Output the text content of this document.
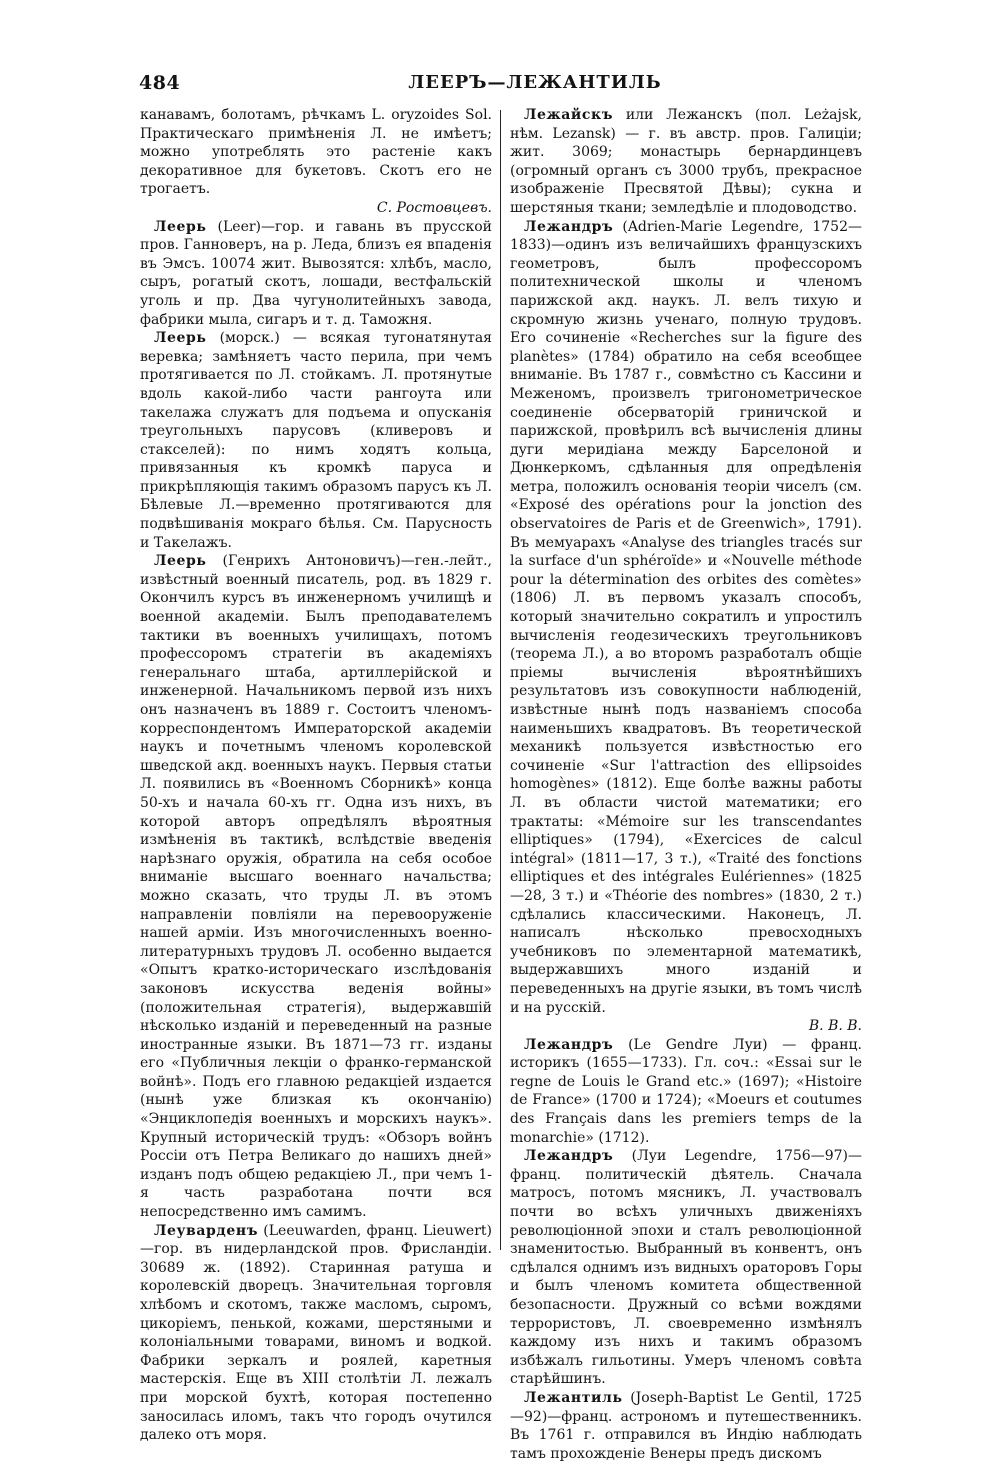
484	ЛЕЕРЪ—ЛЕЖАНТИЛЬ

канавамъ, болотамъ, рѣчкамъ L. oryzoides Sol. Практическаго примѣненія Л. не имѣетъ; можно употреблять это растеніе какъ декоративное для букетовъ. Скотъ его не трогаетъ.

С. Ростовцевъ.

Леерь (Leer)—гор. и гавань въ прусской пров. Ганноверъ, на р. Леда, близъ ея впаденія въ Эмсъ. 10074 жит. Вывозятся: хлѣбъ, масло, сыръ, рогатый скотъ, лошади, вестфальскій уголь и пр. Два чугунолитейныхъ завода, фабрики мыла, сигаръ и т. д. Таможня.

Леерь (морск.) — всякая тугонатянутая веревка; замѣняетъ часто перила, при чемъ протягивается по Л. стойкамъ. Л. протянутые вдоль какой-либо части рангоута или такелажа служатъ для подъема и опусканія треугольныхъ парусовъ (кливеровъ и стакселей): по нимъ ходятъ кольца, привязанныя къ кромкѣ паруса и прикрѣпляющія такимъ образомъ парусъ къ Л. Бѣлевые Л.—временно протягиваются для подвѣшиванія мокраго бѣлья. См. Парусность и Такелажъ.

Леерь (Генрихъ Антоновичъ)—ген.-лейт., извѣстный военный писатель, род. въ 1829 г. Окончилъ курсъ въ инженерномъ училищѣ и военной академіи. Былъ преподавателемъ тактики въ военныхъ училищахъ, потомъ профессоромъ стратегіи въ академіяхъ генеральнаго штаба, артиллерійской и инженерной. Начальникомъ первой изъ нихъ онъ назначенъ въ 1889 г. Состоитъ членомъ-корреспондентомъ Императорской академіи наукъ и почетнымъ членомъ королевской шведской акд. военныхъ наукъ. Первыя статьи Л. появились въ «Военномъ Сборникѣ» конца 50-хъ и начала 60-хъ гг. Одна изъ нихъ, въ которой авторъ опредѣлялъ вѣроятныя измѣненія въ тактикѣ, вслѣдствіе введенія нарѣзнаго оружія, обратила на себя особое вниманіе высшаго военнаго начальства; можно сказать, что труды Л. въ этомъ направленіи повліяли на перевооруженіе нашей арміи. Изъ многочисленныхъ военно-литературныхъ трудовъ Л. особенно выдается «Опытъ кратко-историческаго изслѣдованія законовъ искусства веденія войны» (положительная стратегія), выдержавшій нѣсколько изданій и переведенный на разные иностранные языки. Въ 1871—73 гг. изданы его «Публичныя лекціи о франко-германской войнѣ». Подъ его главною редакціей издается (нынѣ уже близкая къ окончанію) «Энциклопедія военныхъ и морскихъ наукъ». Крупный историческій трудъ: «Обзоръ войнъ Россіи отъ Петра Великаго до нашихъ дней» изданъ подъ общею редакціею Л., при чемъ 1-я часть разработана почти вся непосредственно имъ самимъ.

Леуварденъ (Leeuwarden, франц. Lieuwert)—гор. въ нидерландской пров. Фрисландіи. 30689 ж. (1892). Старинная ратуша и королевскій дворецъ. Значительная торговля хлѣбомъ и скотомъ, также масломъ, сыромъ, цикоріемъ, пенькой, кожами, шерстяными и колоніальными товарами, виномъ и водкой. Фабрики зеркалъ и роялей, каретныя мастерскія. Еще въ XIII столѣтіи Л. лежалъ при морской бухтѣ, которая постепенно заносилась иломъ, такъ что городъ очутился далеко отъ моря.

Лежайскъ или Лежанскъ (пол. Leżajsk, нѣм. Lezansk) — г. въ австр. пров. Галиціи; жит. 3069; монастырь бернардинцевъ (огромный органъ съ 3000 трубъ, прекрасное изображеніе Пресвятой Дѣвы); сукна и шерстяныя ткани; земледѣліе и плодоводство.

Лежандръ (Adrien-Marie Legendre, 1752—1833)—одинъ изъ величайшихъ французскихъ геометровъ, былъ профессоромъ политехнической школы и членомъ парижской акд. наукъ. Л. велъ тихую и скромную жизнь ученаго, полную трудовъ. Его сочиненіе «Recherches sur la figure des planètes» (1784) обратило на себя всеобщее вниманіе. Въ 1787 г., совмѣстно съ Кассини и Меженомъ, произвелъ тригонометрическое соединеніе обсерваторій гриничской и парижской, провѣрилъ всѣ вычисленія длины дуги меридіана между Барселоной и Дюнкеркомъ, сдѣланныя для опредѣленія метра, положилъ основанія теоріи чиселъ (см. «Exposé des opérations pour la jonction des observatoires de Paris et de Greenwich», 1791). Въ мемуарахъ «Analyse des triangles tracés sur la surface d'un sphéroïde» и «Nouvelle méthode pour la détermination des orbites des comètes» (1806) Л. въ первомъ указалъ способъ, который значительно сократилъ и упростилъ вычисленія геодезическихъ треугольниковъ (теорема Л.), а во второмъ разработалъ общіе пріемы вычисленія вѣроятнѣйшихъ результатовъ изъ совокупности наблюденій, извѣстные нынѣ подъ названіемъ способа наименьшихъ квадратовъ. Въ теоретической механикѣ пользуется извѣстностью его сочиненіе «Sur l'attraction des ellipsoides homogènes» (1812). Еще болѣе важны работы Л. въ области чистой математики; его трактаты: «Mémoire sur les transcendantes elliptiques» (1794), «Exercices de calcul intégral» (1811—17, 3 т.), «Traité des fonctions elliptiques et des intégrales Eulériennes» (1825—28, 3 т.) и «Théorie des nombres» (1830, 2 т.) сдѣлались классическими. Наконецъ, Л. написалъ нѣсколько превосходныхъ учебниковъ по элементарной математикѣ, выдержавшихъ много изданій и переведенныхъ на другіе языки, въ томъ числѣ и на русскій.

В. В. В.

Лежандръ (Le Gendre Луи) — франц. историкъ (1655—1733). Гл. соч.: «Essai sur le regne de Louis le Grand etc.» (1697); «Histoire de France» (1700 и 1724); «Moeurs et coutumes des Français dans les premiers temps de la monarchie» (1712).

Лежандръ (Луи Legendre, 1756—97)—франц. политическій дѣятель. Сначала матросъ, потомъ мясникъ, Л. участвовалъ почти во всѣхъ уличныхъ движеніяхъ революціонной эпохи и сталъ революціонной знаменитостью. Выбранный въ конвентъ, онъ сдѣлался однимъ изъ видныхъ ораторовъ Горы и былъ членомъ комитета общественной безопасности. Дружный со всѣми вождями террористовъ, Л. своевременно измѣнялъ каждому изъ нихъ и такимъ образомъ избѣжалъ гильотины. Умеръ членомъ совѣта старѣйшинъ.

Лежантиль (Joseph-Baptist Le Gentil, 1725—92)—франц. астрономъ и путешественникъ. Въ 1761 г. отправился въ Индію наблюдать тамъ прохожденіе Венеры предъ дискомъ
